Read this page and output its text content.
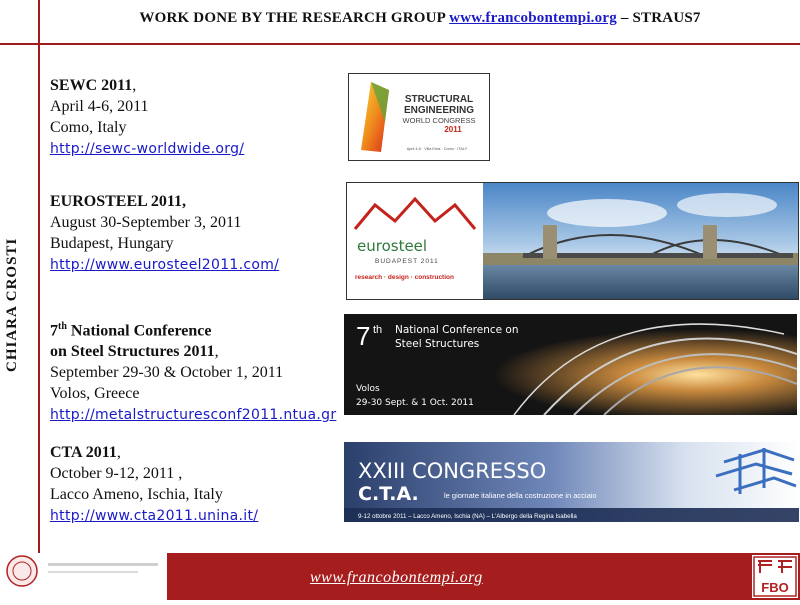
WORK DONE BY THE RESEARCH GROUP www.francobontempi.org – STRAUS7
CHIARA CROSTI
SEWC 2011,
April 4-6, 2011
Como, Italy
http://sewc-worldwide.org/
EUROSTEEL 2011,
August 30-September 3, 2011
Budapest, Hungary
http://www.eurosteel2011.com/
7th National Conference
on Steel Structures 2011,
September 29-30 & October 1, 2011
Volos, Greece
http://metalstructuresconf2011.ntua.gr
CTA 2011,
October 9-12, 2011 ,
Lacco Ameno, Ischia, Italy
http://www.cta2011.unina.it/
STRUCTURAL
ENGINEERING
WORLD CONGRESS
2011
April 4-6 · Villa Erba · Como · ITALY
eurosteel
BUDAPEST 2011
research · design · construction
7 th National Conference on
Steel Structures
Volos
29-30 Sept. & 1 Oct. 2011
XXIII CONGRESSO
C.T.A.	le giornate italiane della costruzione in acciaio
9-12 ottobre 2011 – Lacco Ameno, Ischia (NA) – L'Albergo della Regina Isabella
www.francobontempi.org
FBO
